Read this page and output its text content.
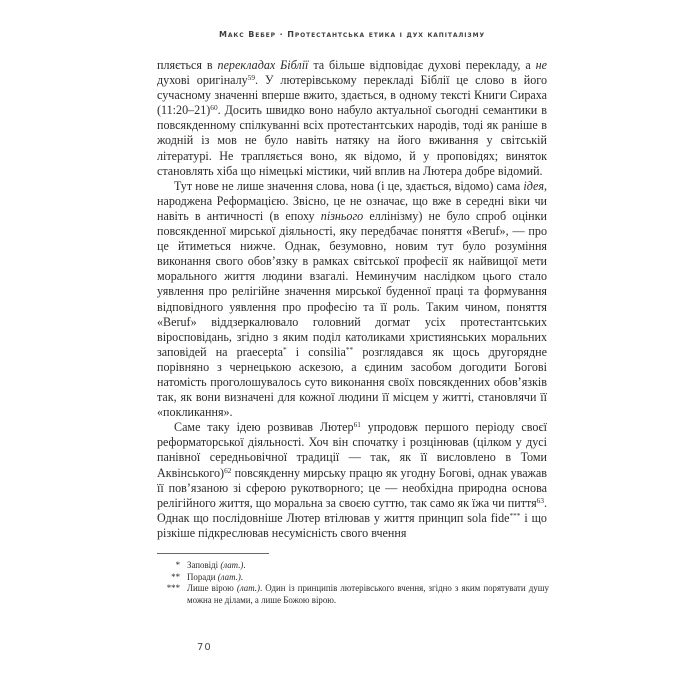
Макс Вебер · Протестантська етика і дух капіталізму

пляється в перекладах Біблії та більше відповідає духові перекладу, а не духові оригіналу$^{59}$. У лютерівському перекладі Біблії це слово в його сучасному значенні вперше вжито, здається, в одному тексті Книги Сираха (11:20–21)$^{60}$. Досить швидко воно набуло актуальної сьогодні семантики в повсякденному спілкуванні всіх протестантських народів, тоді як раніше в жодній із мов не було навіть натяку на його вживання у світській літературі. Не трапляється воно, як відомо, й у проповідях; виняток становлять хіба що німецькі містики, чий вплив на Лютера добре відомий.

Тут нове не лише значення слова, нова (і це, здається, відомо) сама ідея, народжена Реформацією. Звісно, це не означає, що вже в середні віки чи навіть в античності (в епоху пізнього еллінізму) не було спроб оцінки повсякденної мирської діяльності, яку передбачає поняття «Beruf», — про це йтиметься нижче. Однак, безумовно, новим тут було розуміння виконання свого обов’язку в рамках світської професії як найвищої мети морального життя людини взагалі. Неминучим наслідком цього стало уявлення про релігійне значення мирської буденної праці та формування відповідного уявлення про професію та її роль. Таким чином, поняття «Beruf» віддзеркалювало головний догмат усіх протестантських віросповідань, згідно з яким поділ католиками християнських моральних заповідей на praecepta* і consilia** розглядався як щось другорядне порівняно з чернецькою аскезою, а єдиним засобом догодити Богові натомість проголошувалось суто виконання своїх повсякденних обов’язків так, як вони визначені для кожної людини її місцем у житті, становлячи її «покликання».

Саме таку ідею розвивав Лютер$^{61}$ упродовж першого періоду своєї реформаторської діяльності. Хоч він спочатку і розцінював (цілком у дусі панівної середньовічної традиції — так, як її висловлено в Томи Аквінського)$^{62}$ повсякденну мирську працю як угодну Богові, однак уважав її пов’язаною зі сферою рукотворного; це — необхідна природна основа релігійного життя, що моральна за своєю суттю, так само як їжа чи пиття$^{63}$. Однак що послідовніше Лютер втілював у життя принцип sola fide*** і що різкіше підкреслював несумісність свого вчення

* Заповіді (лат.).
** Поради (лат.).
*** Лише вірою (лат.). Один із принципів лютерівського вчення, згідно з яким порятувати душу можна не ділами, а лише Божою вірою.
70
